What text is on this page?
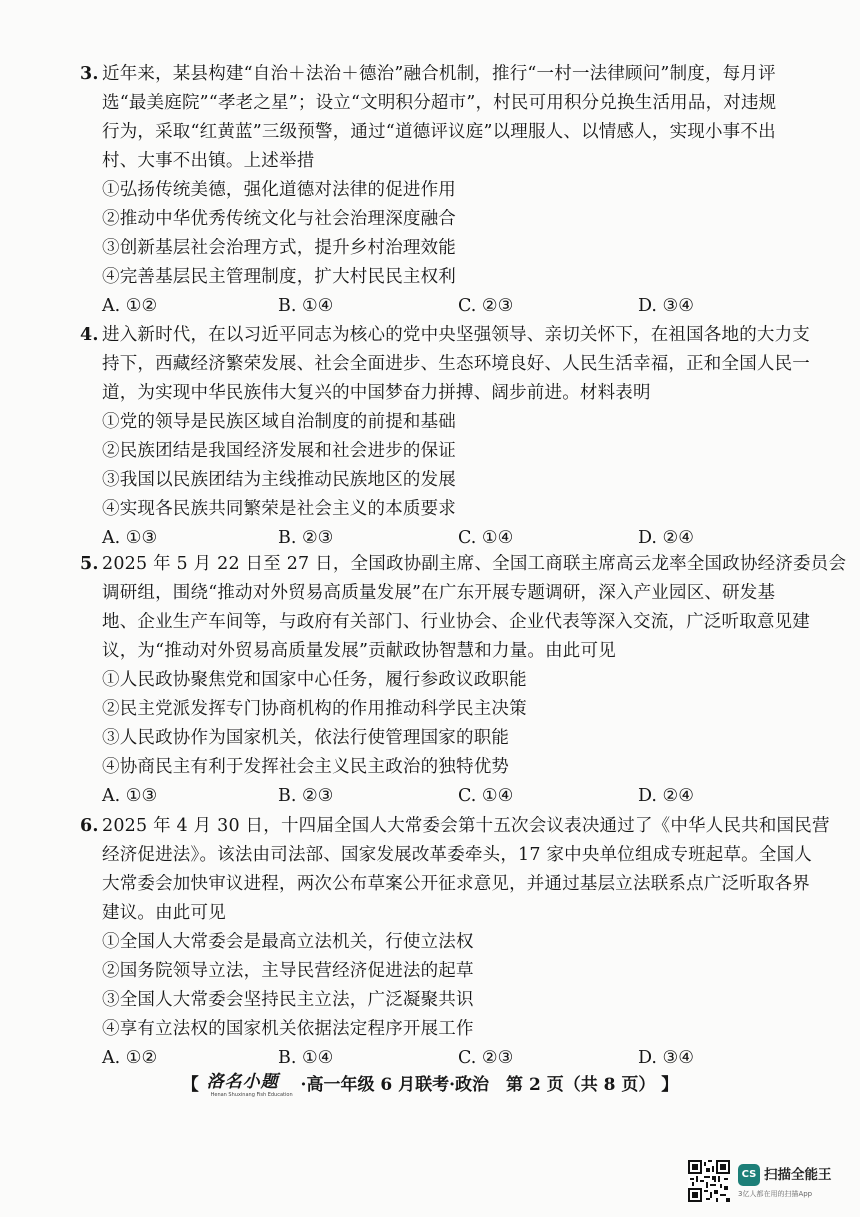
3. 近年来，某县构建“自治＋法治＋德治”融合机制，推行“一村一法律顾问”制度，每月评
选“最美庭院”“孝老之星”；设立“文明积分超市”，村民可用积分兑换生活用品，对违规
行为，采取“红黄蓝”三级预警，通过“道德评议庭”以理服人、以情感人，实现小事不出
村、大事不出镇。上述举措
①弘扬传统美德，强化道德对法律的促进作用
②推动中华优秀传统文化与社会治理深度融合
③创新基层社会治理方式，提升乡村治理效能
④完善基层民主管理制度，扩大村民民主权利
A. ①②	B. ①④	C. ②③	D. ③④
4. 进入新时代，在以习近平同志为核心的党中央坚强领导、亲切关怀下，在祖国各地的大力支
持下，西藏经济繁荣发展、社会全面进步、生态环境良好、人民生活幸福，正和全国人民一
道，为实现中华民族伟大复兴的中国梦奋力拼搏、阔步前进。材料表明
①党的领导是民族区域自治制度的前提和基础
②民族团结是我国经济发展和社会进步的保证
③我国以民族团结为主线推动民族地区的发展
④实现各民族共同繁荣是社会主义的本质要求
A. ①③	B. ②③	C. ①④	D. ②④
5. 2025 年 5 月 22 日至 27 日，全国政协副主席、全国工商联主席高云龙率全国政协经济委员会
调研组，围绕“推动对外贸易高质量发展”在广东开展专题调研，深入产业园区、研发基
地、企业生产车间等，与政府有关部门、行业协会、企业代表等深入交流，广泛听取意见建
议，为“推动对外贸易高质量发展”贡献政协智慧和力量。由此可见
①人民政协聚焦党和国家中心任务，履行参政议政职能
②民主党派发挥专门协商机构的作用推动科学民主决策
③人民政协作为国家机关，依法行使管理国家的职能
④协商民主有利于发挥社会主义民主政治的独特优势
A. ①③	B. ②③	C. ①④	D. ②④
6. 2025 年 4 月 30 日，十四届全国人大常委会第十五次会议表决通过了《中华人民共和国民营
经济促进法》。该法由司法部、国家发展改革委牵头，17 家中央单位组成专班起草。全国人
大常委会加快审议进程，两次公布草案公开征求意见，并通过基层立法联系点广泛听取各界
建议。由此可见
①全国人大常委会是最高立法机关，行使立法权
②国务院领导立法，主导民营经济促进法的起草
③全国人大常委会坚持民主立法，广泛凝聚共识
④享有立法权的国家机关依据法定程序开展工作
A. ①②	B. ①④	C. ②③	D. ③④
【 洛名小题
Henan Shuxinang Fish Education ·高一年级 6 月联考·政治　第 2 页（共 8 页） 】
CS 扫描全能王
3亿人都在用的扫描App
